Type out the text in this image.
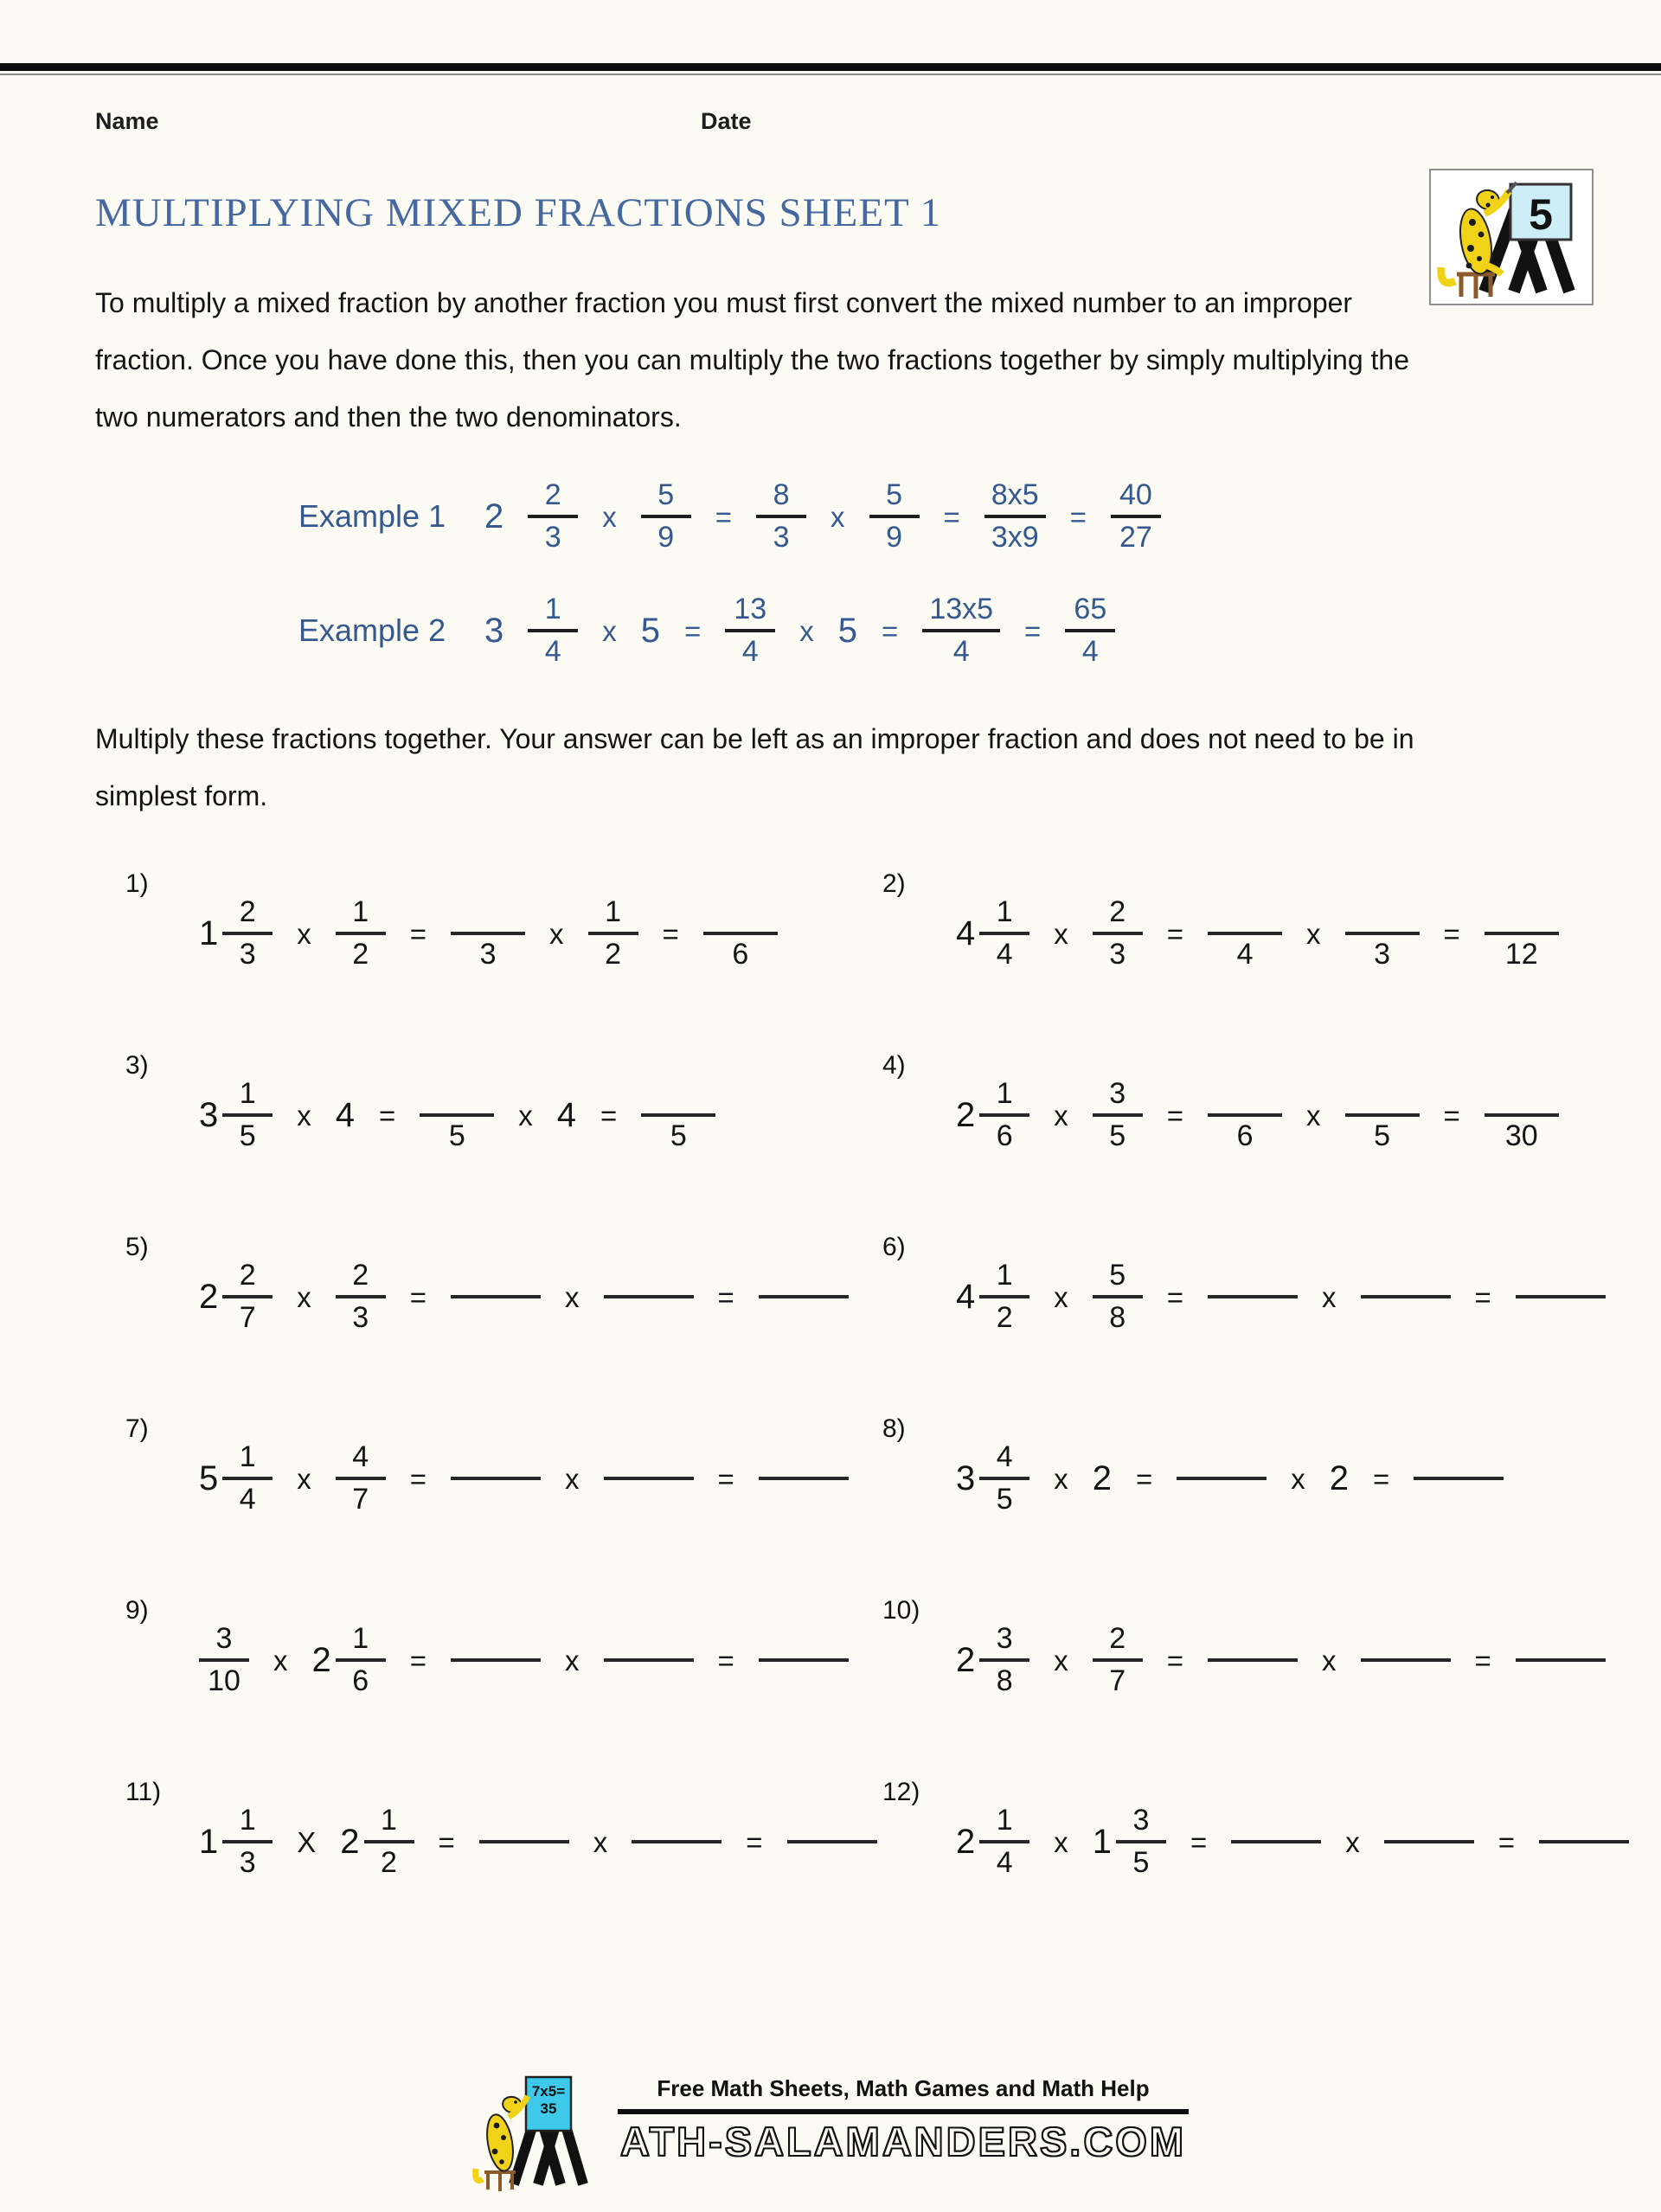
Name	Date
5
MULTIPLYING MIXED FRACTIONS SHEET 1
To multiply a mixed fraction by another fraction you must first convert the mixed number to an improper fraction. Once you have done this, then you can multiply the two fractions together by simply multiplying the two numerators and then the two denominators.
Example 1	2
2
3
x
5
9
=
8
3
x
5
9
=
8x5
3x9
=
40
27
Example 2	3
1
4
x 5 =
13
4
x 5 =
13x5
4
=
65
4
Multiply these fractions together. Your answer can be left as an improper fraction and does not need to be in simplest form.
1)
1
2
3
x
1
2
=
3
x
1
2
=
6
2)
4
1
4
x
2
3
=
4
x
3
=
12
3)
3
1
5
x 4 =
5
x 4 =
5
4)
2
1
6
x
3
5
=
6
x
5
=
30
5)
2
2
7
x
2
3
=	x	=
6)
4
1
2
x
5
8
=	x	=
7)
5
1
4
x
4
7
=	x	=
8)
3
4
5
x 2 =	x 2 =
9)
3
10
x 2
1
6
=	x	=
10)
2
3
8
x
2
7
=	x	=
11)
1
1
3
X 2
1
2
=	x	=
12)
2
1
4
x 1
3
5
=	x	=
7x5=
35
Free Math Sheets, Math Games and Math Help
ATH-SALAMANDERS.COM
